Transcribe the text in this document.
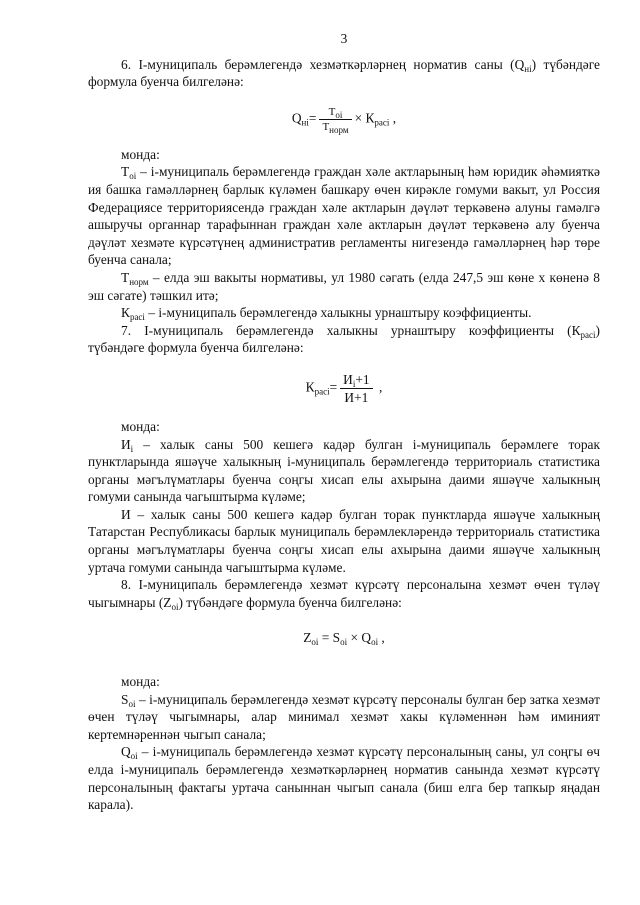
3

6. I-муниципаль берәмлегендә хезмәткәрләрнең норматив саны $(Q_{нi})$ түбәндәге формула буенча билгеләнә:

$Q_{нi}= \frac{T_{oi}}{T_{норм}} \times К_{расi}$ ,

монда:

$T_{oi}$ – i-муниципаль берәмлегендә граждан хәле актларының һәм юридик әһәмияткә ия башка гамәлләрнең барлык күләмен башкару өчен кирәкле гомуми вакыт, ул Россия Федерациясе территориясендә граждан хәле актларын дәүләт теркәвенә алуны гамәлгә ашыручы органнар тарафыннан граждан хәле актларын дәүләт теркәвенә алу буенча дәүләт хезмәте күрсәтүнең административ регламенты нигезендә гамәлләрнең һәр төре буенча санала;

$T_{норм}$ – елда эш вакыты нормативы, ул 1980 сәгать (елда 247,5 эш көне x көненә 8 эш сәгате) тәшкил итә;

$К_{расi}$ – i-муниципаль берәмлегендә халыкны урнаштыру коэффициенты.

7. I-муниципаль берәмлегендә халыкны урнаштыру коэффициенты $(К_{расi})$ түбәндәге формула буенча билгеләнә:

$К_{расi}= \frac{И_i+1}{И+1}$ ,

монда:

$И_i$ – халык саны 500 кешегә кадәр булган i-муниципаль берәмлеге торак пунктларында яшәүче халыкның i-муниципаль берәмлегендә территориаль статистика органы мәгълүматлары буенча соңгы хисап елы ахырына даими яшәүче халыкның гомуми санында чагыштырма күләме;

И – халык саны 500 кешегә кадәр булган торак пунктларда яшәүче халыкның Татарстан Республикасы барлык муниципаль берәмлекләрендә территориаль статистика органы мәгълүматлары буенча соңгы хисап елы ахырына даими яшәүче халыкның уртача гомуми санында чагыштырма күләме.

8. I-муниципаль берәмлегендә хезмәт күрсәтү персоналына хезмәт өчен түләү чыгымнары $(Z_{oi})$ түбәндәге формула буенча билгеләнә:

$Z_{oi} = S_{oi} \times Q_{oi}$ ,

монда:

$S_{oi}$ – i-муниципаль берәмлегендә хезмәт күрсәтү персоналы булган бер затка хезмәт өчен түләү чыгымнары, алар минимал хезмәт хакы күләменнән һәм иминият кертемнәреннән чыгып санала;

$Q_{oi}$ – i-муниципаль берәмлегендә хезмәт күрсәтү персоналының саны, ул соңгы өч елда i-муниципаль берәмлегендә хезмәткәрләрнең норматив санында хезмәт күрсәтү персоналының фактагы уртача саныннан чыгып санала (биш елга бер тапкыр яңадан карала).
